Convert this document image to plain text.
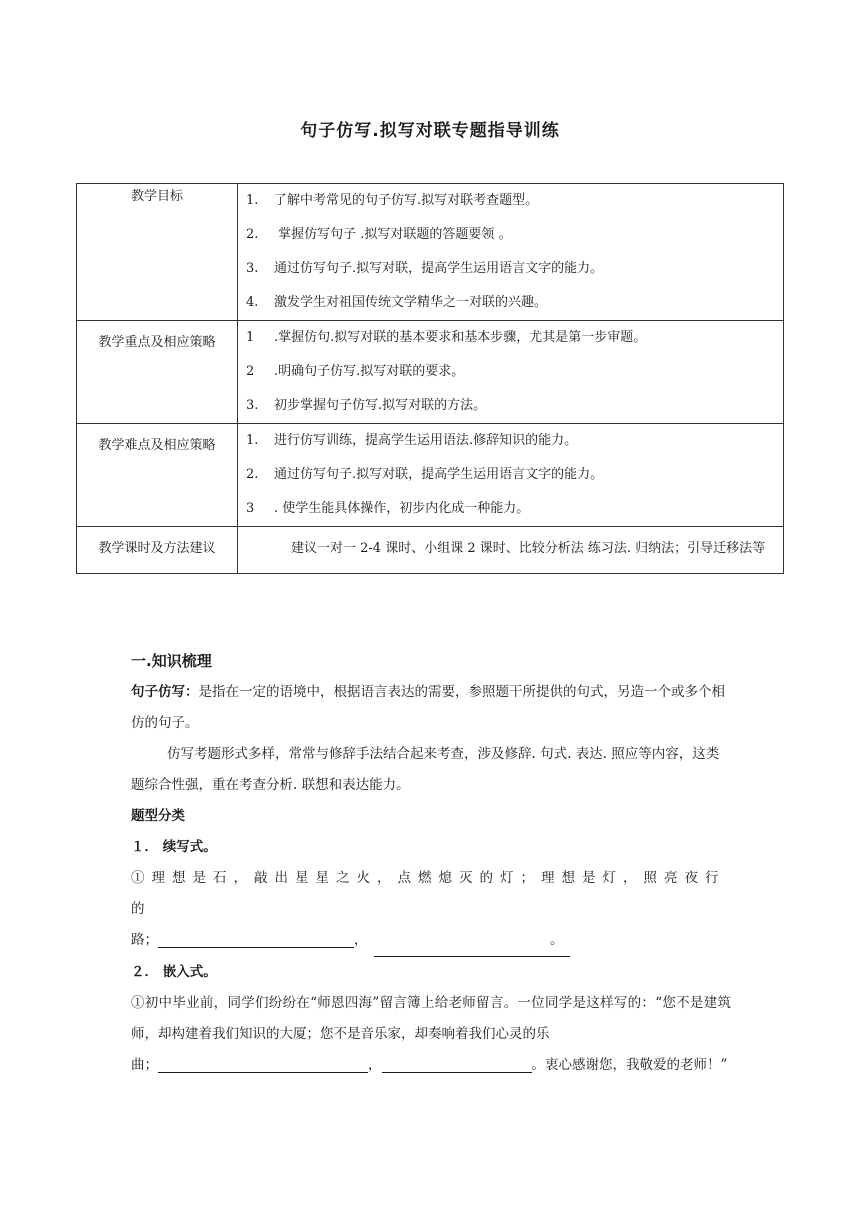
句子仿写.拟写对联专题指导训练
教学目标	1. 了解中考常见的句子仿写.拟写对联考查题型。
2. 掌握仿写句子 .拟写对联题的答题要领 。
3. 通过仿写句子.拟写对联，提高学生运用语言文字的能力。
4. 激发学生对祖国传统文学精华之一对联的兴趣。

教学重点及相应策略	1 .掌握仿句.拟写对联的基本要求和基本步骤，尤其是第一步审题。
2 .明确句子仿写.拟写对联的要求。
3. 初步掌握句子仿写.拟写对联的方法。

教学难点及相应策略	1. 进行仿写训练，提高学生运用语法.修辞知识的能力。
2. 通过仿写句子.拟写对联，提高学生运用语言文字的能力。
3 . 使学生能具体操作，初步内化成一种能力。

教学课时及方法建议	建议一对一 2-4 课时、小组课 2 课时、比较分析法 练习法. 归纳法；引导迁移法等

一.知识梳理

句子仿写：是指在一定的语境中，根据语言表达的需要，参照题干所提供的句式，另造一个或多个相仿的句子。

仿写考题形式多样，常常与修辞手法结合起来考查，涉及修辞. 句式. 表达. 照应等内容，这类题综合性强，重在考查分析. 联想和表达能力。

题型分类

１． 续写式。

①理想是石，敲出星星之火，点燃熄灭的灯；理想是灯，照亮夜行的

路；	，	。

２． 嵌入式。

①初中毕业前，同学们纷纷在“师恩四海”留言簿上给老师留言。一位同学是这样写的：“您不是建筑师，却构建着我们知识的大厦；您不是音乐家，却奏响着我们心灵的乐

曲；	，	。衷心感谢您，我敬爱的老师！”
